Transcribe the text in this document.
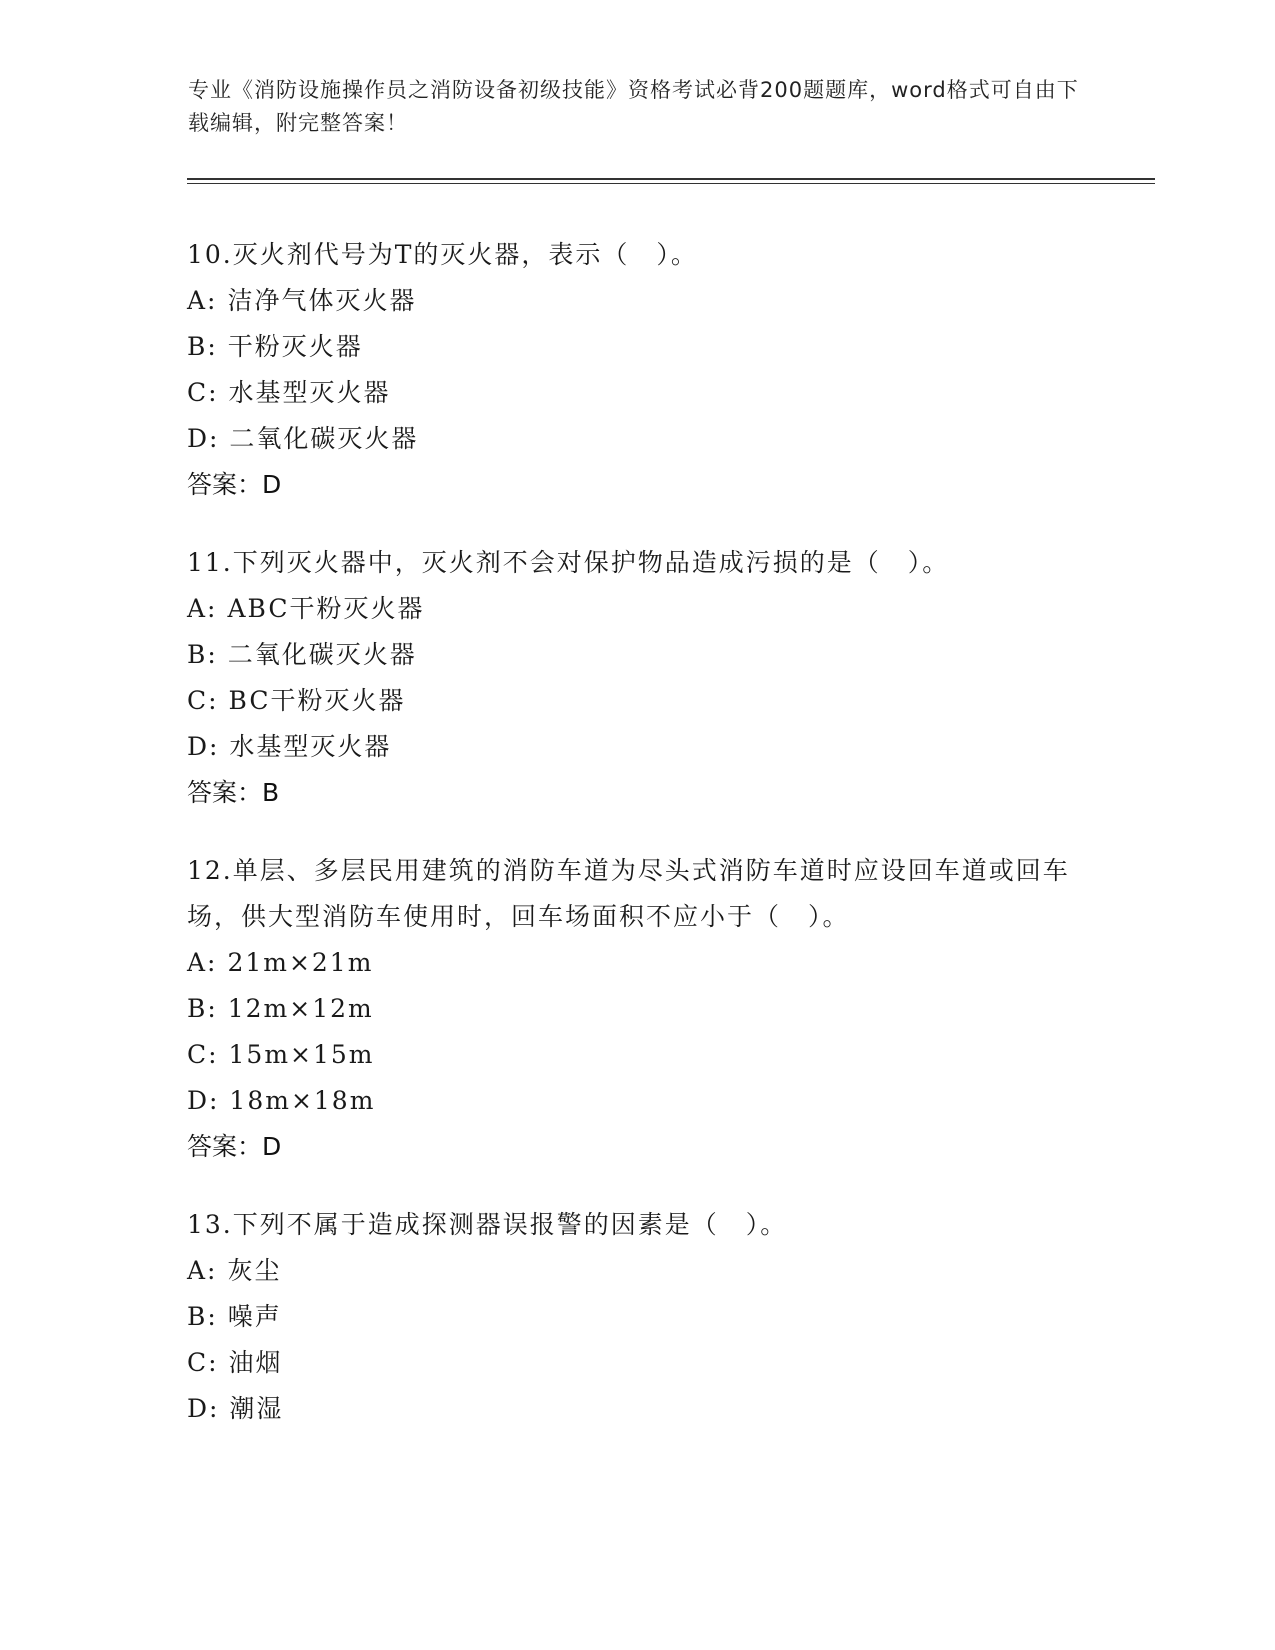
专业《消防设施操作员之消防设备初级技能》资格考试必背200题题库，word格式可自由下载编辑，附完整答案！

10.灭火剂代号为T的灭火器，表示（　）。

A: 洁净气体灭火器

B: 干粉灭火器

C: 水基型灭火器

D: 二氧化碳灭火器

答案：D

11.下列灭火器中，灭火剂不会对保护物品造成污损的是（　）。

A: ABC干粉灭火器

B: 二氧化碳灭火器

C: BC干粉灭火器

D: 水基型灭火器

答案：B

12.单层、多层民用建筑的消防车道为尽头式消防车道时应设回车道或回车场，供大型消防车使用时，回车场面积不应小于（　）。

A: 21m×21m

B: 12m×12m

C: 15m×15m

D: 18m×18m

答案：D

13.下列不属于造成探测器误报警的因素是（　）。

A: 灰尘

B: 噪声

C: 油烟

D: 潮湿
